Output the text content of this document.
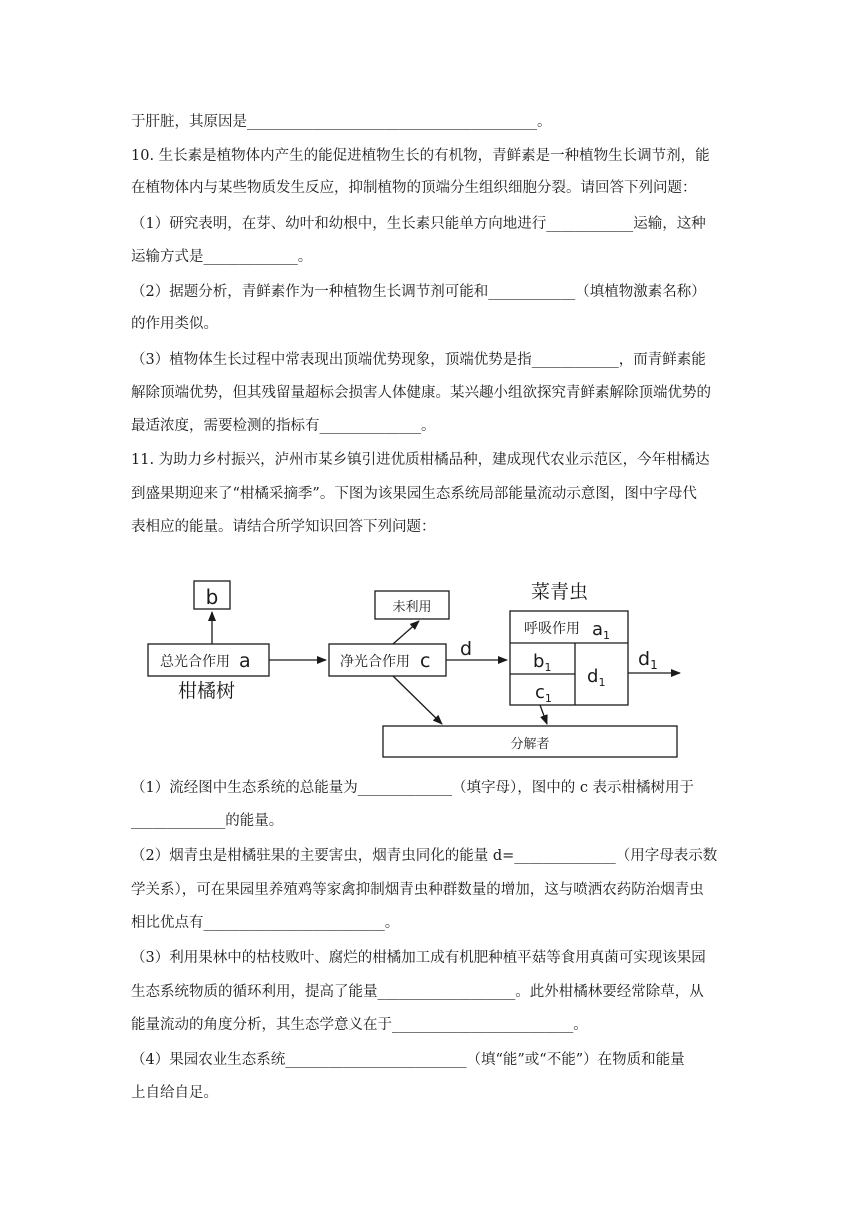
于肝脏，其原因是________________________________________。
10. 生长素是植物体内产生的能促进植物生长的有机物，青鲜素是一种植物生长调节剂，能
在植物体内与某些物质发生反应，抑制植物的顶端分生组织细胞分裂。请回答下列问题：
（1）研究表明，在芽、幼叶和幼根中，生长素只能单方向地进行____________运输，这种
运输方式是_____________。
（2）据题分析，青鲜素作为一种植物生长调节剂可能和____________（填植物激素名称）
的作用类似。
（3）植物体生长过程中常表现出顶端优势现象，顶端优势是指____________，而青鲜素能
解除顶端优势，但其残留量超标会损害人体健康。某兴趣小组欲探究青鲜素解除顶端优势的
最适浓度，需要检测的指标有______________。
11. 为助力乡村振兴，泸州市某乡镇引进优质柑橘品种，建成现代农业示范区，今年柑橘达
到盛果期迎来了“柑橘采摘季”。下图为该果园生态系统局部能量流动示意图，图中字母代
表相应的能量。请结合所学知识回答下列问题：
b
总光合作用 a
柑橘树
未利用
净光合作用 c
d
菜青虫
呼吸作用 $a_1$
$b_1$
$c_1$
$d_1$
$d_1$
分解者
（1）流经图中生态系统的总能量为_____________（填字母），图中的 c 表示柑橘树用于
_____________的能量。
（2）烟青虫是柑橘驻果的主要害虫，烟青虫同化的能量 d=______________（用字母表示数
学关系），可在果园里养殖鸡等家禽抑制烟青虫种群数量的增加，这与喷洒农药防治烟青虫
相比优点有_________________________。
（3）利用果林中的枯枝败叶、腐烂的柑橘加工成有机肥种植平菇等食用真菌可实现该果园
生态系统物质的循环利用，提高了能量___________________。此外柑橘林要经常除草，从
能量流动的角度分析，其生态学意义在于_________________________。
（4）果园农业生态系统_________________________（填“能”或“不能”）在物质和能量
上自给自足。
